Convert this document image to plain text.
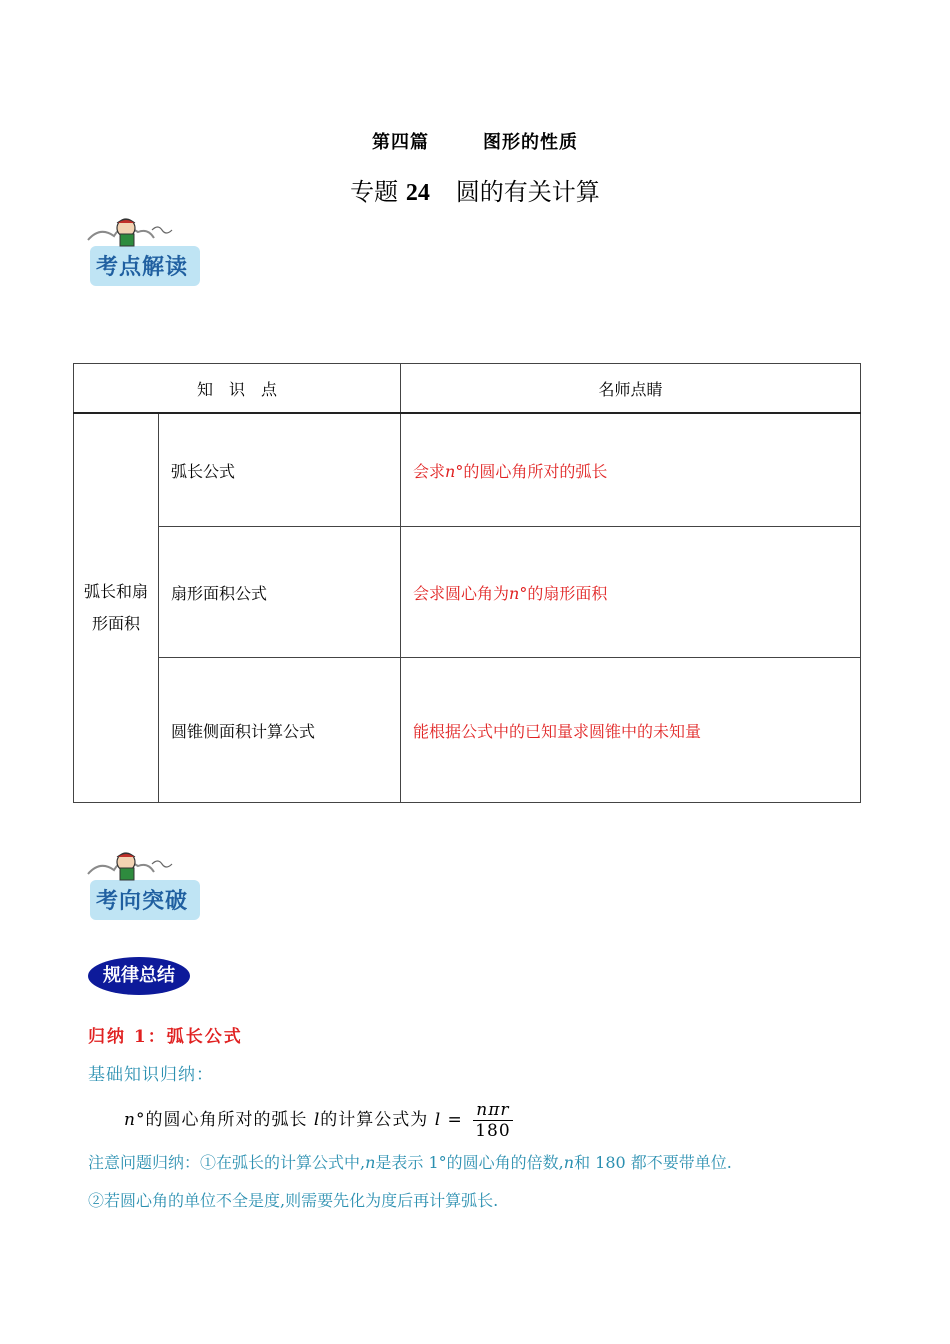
第四篇	图形的性质
专题 24 圆的有关计算
考点解读
知　识　点		名师点睛
弧长和扇形面积	弧长公式	会求n°的圆心角所对的弧长
	扇形面积公式	会求圆心角为n°的扇形面积
	圆锥侧面积计算公式	能根据公式中的已知量求圆锥中的未知量
考向突破
规律总结
归纳 1：弧长公式
基础知识归纳：
n°的圆心角所对的弧长 l的计算公式为 $l = \frac{\text{nπr}}{180}$
注意问题归纳：①在弧长的计算公式中,n是表示 1°的圆心角的倍数,n和 180 都不要带单位.
②若圆心角的单位不全是度,则需要先化为度后再计算弧长.
